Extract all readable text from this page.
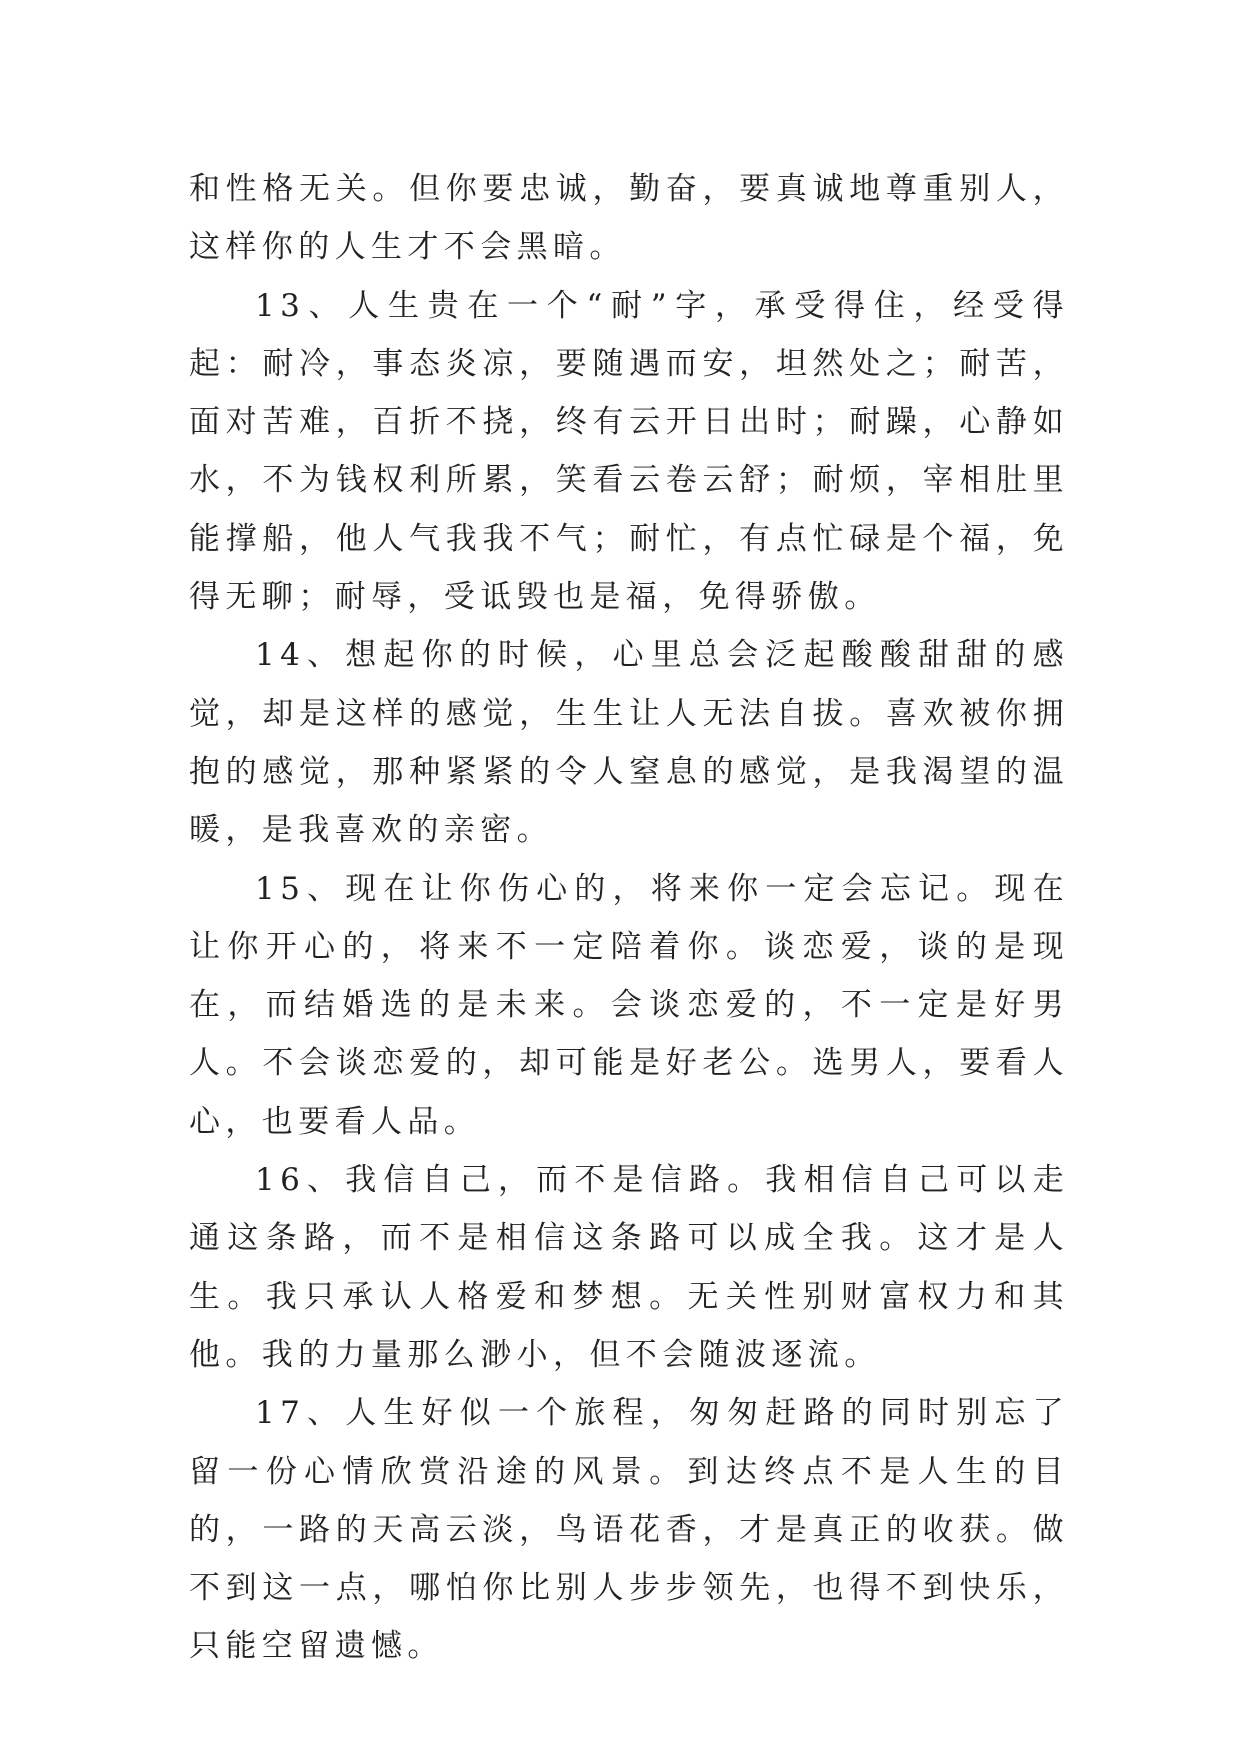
和性格无关。但你要忠诚，勤奋，要真诚地尊重别人，这样你的人生才不会黑暗。

13、人生贵在一个“耐”字，承受得住，经受得起：耐冷，事态炎凉，要随遇而安，坦然处之；耐苦，面对苦难，百折不挠，终有云开日出时；耐躁，心静如水，不为钱权利所累，笑看云卷云舒；耐烦，宰相肚里能撑船，他人气我我不气；耐忙，有点忙碌是个福，免得无聊；耐辱，受诋毁也是福，免得骄傲。

14、想起你的时候，心里总会泛起酸酸甜甜的感觉，却是这样的感觉，生生让人无法自拔。喜欢被你拥抱的感觉，那种紧紧的令人窒息的感觉，是我渴望的温暖，是我喜欢的亲密。

15、现在让你伤心的，将来你一定会忘记。现在让你开心的，将来不一定陪着你。谈恋爱，谈的是现在，而结婚选的是未来。会谈恋爱的，不一定是好男人。不会谈恋爱的，却可能是好老公。选男人，要看人心，也要看人品。

16、我信自己，而不是信路。我相信自己可以走通这条路，而不是相信这条路可以成全我。这才是人生。我只承认人格爱和梦想。无关性别财富权力和其他。我的力量那么渺小，但不会随波逐流。

17、人生好似一个旅程，匆匆赶路的同时别忘了留一份心情欣赏沿途的风景。到达终点不是人生的目的，一路的天高云淡，鸟语花香，才是真正的收获。做不到这一点，哪怕你比别人步步领先，也得不到快乐，只能空留遗憾。
